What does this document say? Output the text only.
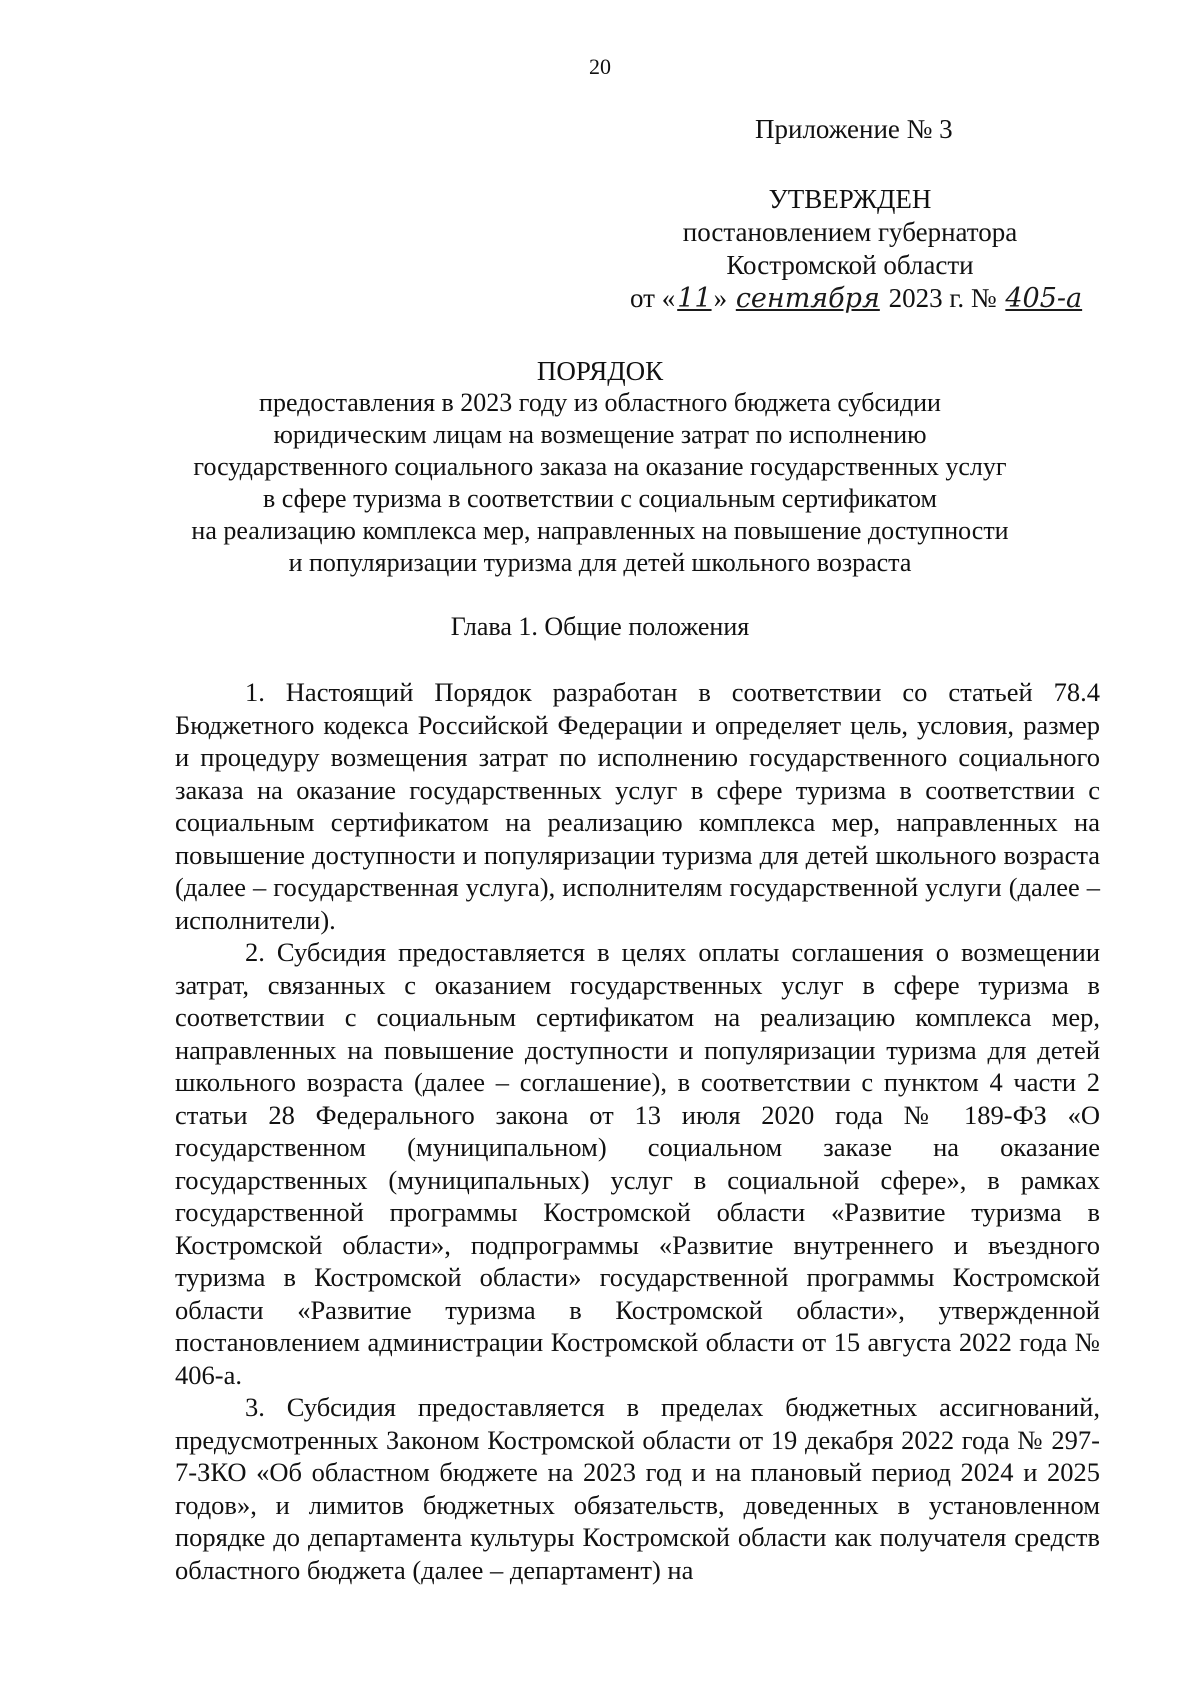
20
Приложение № 3
УТВЕРЖДЕН
постановлением губернатора
Костромской области
от «11» сентября 2023 г. № 405-а
ПОРЯДОК
предоставления в 2023 году из областного бюджета субсидии
юридическим лицам на возмещение затрат по исполнению
государственного социального заказа на оказание государственных услуг
в сфере туризма в соответствии с социальным сертификатом
на реализацию комплекса мер, направленных на повышение доступности
и популяризации туризма для детей школьного возраста
Глава 1. Общие положения

1. Настоящий Порядок разработан в соответствии со статьей 78.4 Бюджетного кодекса Российской Федерации и определяет цель, условия, размер и процедуру возмещения затрат по исполнению государственного социального заказа на оказание государственных услуг в сфере туризма в соответствии с социальным сертификатом на реализацию комплекса мер, направленных на повышение доступности и популяризации туризма для детей школьного возраста (далее – государственная услуга), исполнителям государственной услуги (далее – исполнители).

2. Субсидия предоставляется в целях оплаты соглашения о возмещении затрат, связанных с оказанием государственных услуг в сфере туризма в соответствии с социальным сертификатом на реализацию комплекса мер, направленных на повышение доступности и популяризации туризма для детей школьного возраста (далее – соглашение), в соответствии с пунктом 4 части 2 статьи 28 Федерального закона от 13 июля 2020 года № 189-ФЗ «О государственном (муниципальном) социальном заказе на оказание государственных (муниципальных) услуг в социальной сфере», в рамках государственной программы Костромской области «Развитие туризма в Костромской области», подпрограммы «Развитие внутреннего и въездного туризма в Костромской области» государственной программы Костромской области «Развитие туризма в Костромской области», утвержденной постановлением администрации Костромской области от 15 августа 2022 года № 406-а.

3. Субсидия предоставляется в пределах бюджетных ассигнований, предусмотренных Законом Костромской области от 19 декабря 2022 года № 297-7-ЗКО «Об областном бюджете на 2023 год и на плановый период 2024 и 2025 годов», и лимитов бюджетных обязательств, доведенных в установленном порядке до департамента культуры Костромской области как получателя средств областного бюджета (далее – департамент) на
